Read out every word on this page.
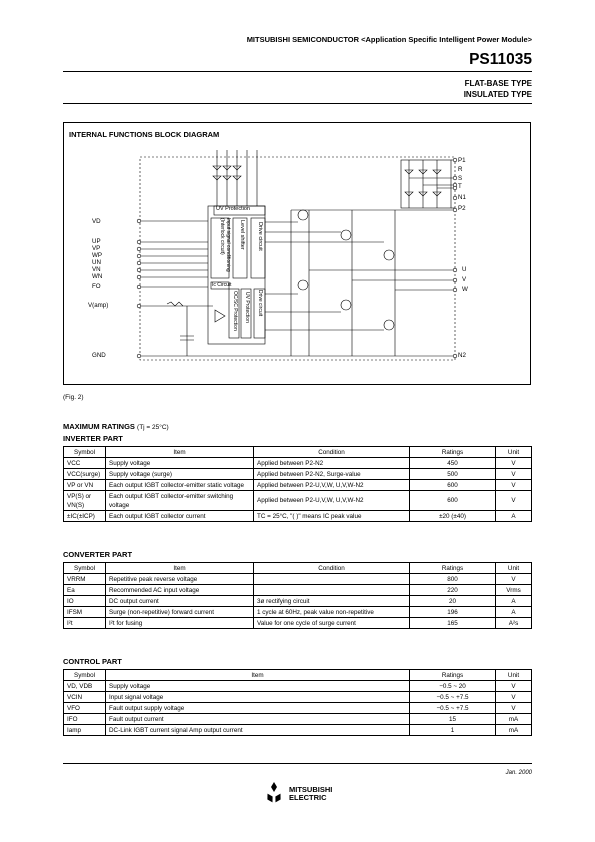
MITSUBISHI SEMICONDUCTOR <Application Specific Intelligent Power Module>
PS11035
FLAT-BASE TYPE
INSULATED TYPE
INTERNAL FUNCTIONS BLOCK DIAGRAM
VD
UP
VP
WP
UN
VN
WN
FO
V(amp)
GND
P1
R
S
T
N1
P2
U
V
W
N2
UV Protection
Input signal conditioning
(Interlock circuit) Level shifter Drive circuit
Ic Circuit
OC/SC Protection UV Protection Drive circuit
(Fig. 2)
MAXIMUM RATINGS (Tj = 25°C)
INVERTER PART
Symbol	Item	Condition	Ratings	Unit
VCC	Supply voltage	Applied between P2-N2	450	V
VCC(surge)	Supply voltage (surge)	Applied between P2-N2, Surge-value	500	V
VP or VN	Each output IGBT collector-emitter static voltage	Applied between P2-U,V,W, U,V,W-N2	600	V
VP(S) or VN(S)	Each output IGBT collector-emitter switching voltage	Applied between P2-U,V,W, U,V,W-N2	600	V
±IC(±ICP)	Each output IGBT collector current	TC = 25°C, "( )" means IC peak value	±20 (±40)	A
CONVERTER PART
Symbol	Item	Condition	Ratings	Unit
VRRM	Repetitive peak reverse voltage		800	V
Ea	Recommended AC input voltage		220	Vrms
IO	DC output current	3ø rectifying circuit	20	A
IFSM	Surge (non-repetitive) forward current	1 cycle at 60Hz, peak value non-repetitive	196	A
I²t	I²t for fusing	Value for one cycle of surge current	165	A²s
CONTROL PART
Symbol	Item	Ratings	Unit
VD, VDB	Supply voltage	−0.5 ~ 20	V
VCIN	Input signal voltage	−0.5 ~ +7.5	V
VFO	Fault output supply voltage	−0.5 ~ +7.5	V
IFO	Fault output current	15	mA
Iamp	DC-Link IGBT current signal Amp output current	1	mA
Jan. 2000
MITSUBISHI
ELECTRIC
